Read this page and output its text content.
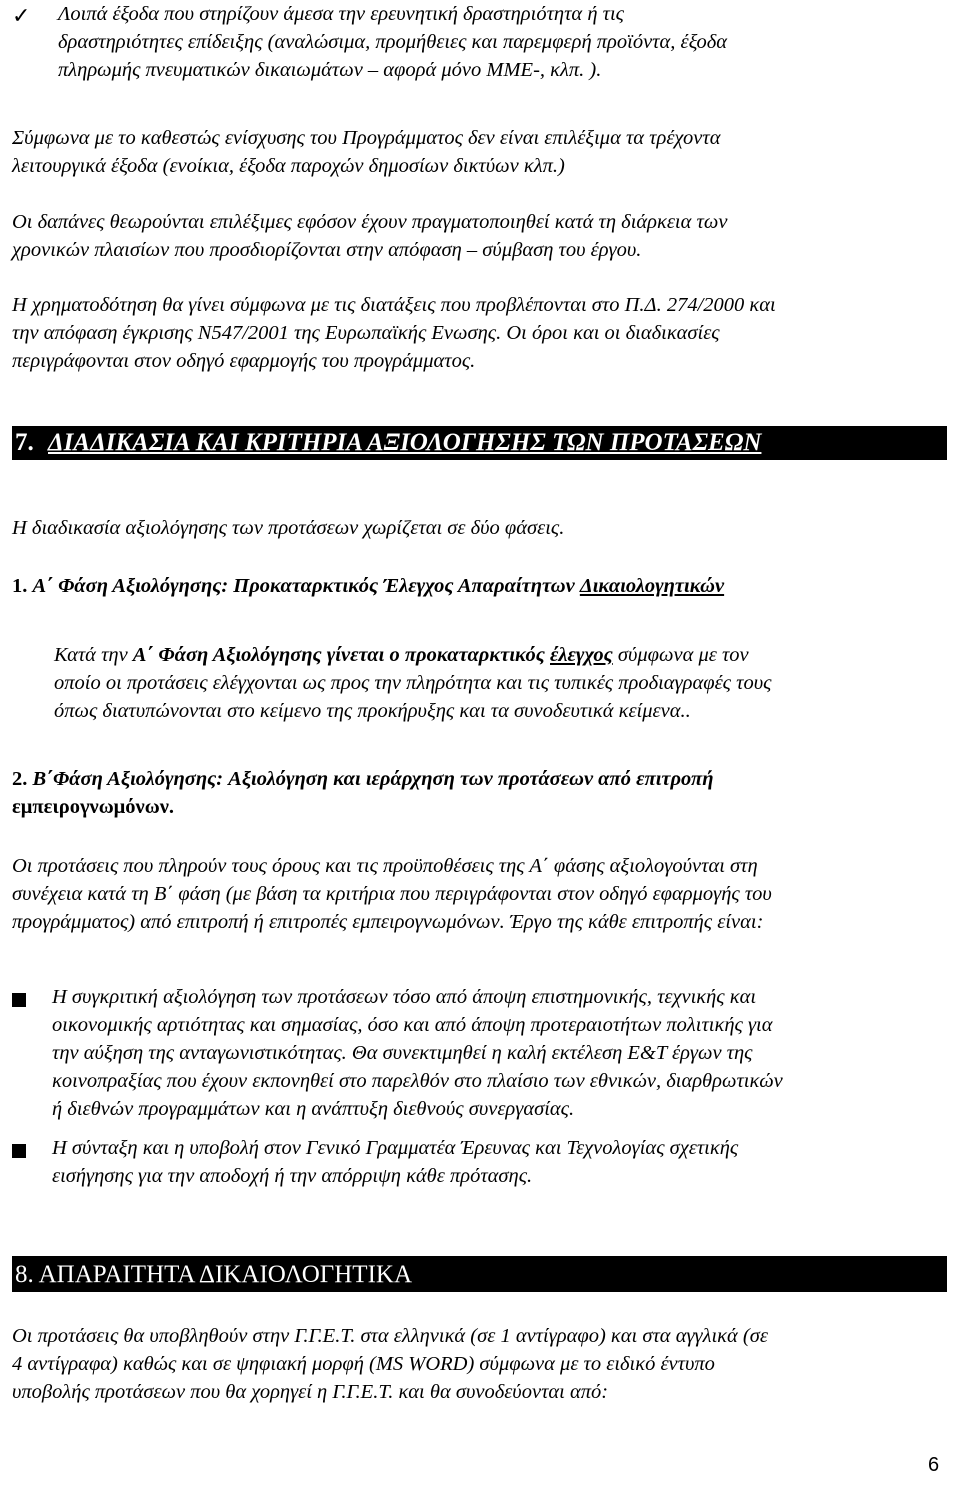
✓	Λοιπά έξοδα που στηρίζουν άμεσα την ερευνητική δραστηριότητα ή τις

δραστηριότητες επίδειξης (αναλώσιμα, προμήθειες και παρεμφερή προϊόντα, έξοδα

πληρωμής πνευματικών δικαιωμάτων – αφορά μόνο ΜΜΕ-, κλπ. ).

Σύμφωνα με το καθεστώς ενίσχυσης του Προγράμματος δεν είναι επιλέξιμα τα τρέχοντα

λειτουργικά έξοδα (ενοίκια, έξοδα παροχών δημοσίων δικτύων κλπ.)

Οι δαπάνες θεωρούνται επιλέξιμες εφόσον έχουν πραγματοποιηθεί κατά τη διάρκεια των

χρονικών πλαισίων που προσδιορίζονται στην απόφαση – σύμβαση του έργου.

Η χρηματοδότηση θα γίνει σύμφωνα με τις διατάξεις που προβλέπονται στο Π.Δ. 274/2000 και

την απόφαση έγκρισης Ν547/2001 της Ευρωπαϊκής Ενωσης. Οι όροι και οι διαδικασίες

περιγράφονται στον οδηγό εφαρμογής του προγράμματος.

7. ΔΙΑΔΙΚΑΣΙΑ ΚΑΙ ΚΡΙΤΗΡΙΑ ΑΞΙΟΛΟΓΗΣΗΣ ΤΩΝ ΠΡΟΤΑΣΕΩΝ

Η διαδικασία αξιολόγησης των προτάσεων χωρίζεται σε δύο φάσεις.

1. Α΄ Φάση Αξιολόγησης: Προκαταρκτικός Έλεγχος Απαραίτητων Δικαιολογητικών

Κατά την Α΄ Φάση Αξιολόγησης γίνεται ο προκαταρκτικός έλεγχος σύμφωνα με τον

οποίο οι προτάσεις ελέγχονται ως προς την πληρότητα και τις τυπικές προδιαγραφές τους

όπως διατυπώνονται στο κείμενο της προκήρυξης και τα συνοδευτικά κείμενα..

2. Β΄Φάση Αξιολόγησης: Αξιολόγηση και ιεράρχηση των προτάσεων από επιτροπή

εμπειρογνωμόνων.

Οι προτάσεις που πληρούν τους όρους και τις προϋποθέσεις της Α΄ φάσης αξιολογούνται στη

συνέχεια κατά τη Β΄ φάση (με βάση τα κριτήρια που περιγράφονται στον οδηγό εφαρμογής του

προγράμματος) από επιτροπή ή επιτροπές εμπειρογνωμόνων. Έργο της κάθε επιτροπής είναι:

Η συγκριτική αξιολόγηση των προτάσεων τόσο από άποψη επιστημονικής, τεχνικής και

οικονομικής αρτιότητας και σημασίας, όσο και από άποψη προτεραιοτήτων πολιτικής για

την αύξηση της ανταγωνιστικότητας. Θα συνεκτιμηθεί η καλή εκτέλεση Ε&Τ έργων της

κοινοπραξίας που έχουν εκπονηθεί στο παρελθόν στο πλαίσιο των εθνικών, διαρθρωτικών

ή διεθνών προγραμμάτων και η ανάπτυξη διεθνούς συνεργασίας.

Η σύνταξη και η υποβολή στον Γενικό Γραμματέα Έρευνας και Τεχνολογίας σχετικής

εισήγησης για την αποδοχή ή την απόρριψη κάθε πρότασης.

8. ΑΠΑΡΑΙΤΗΤΑ ΔΙΚΑΙΟΛΟΓΗΤΙΚΑ

Οι προτάσεις θα υποβληθούν στην Γ.Γ.Ε.Τ. στα ελληνικά (σε 1 αντίγραφο) και στα αγγλικά (σε

4 αντίγραφα) καθώς και σε ψηφιακή μορφή (MS WORD) σύμφωνα με το ειδικό έντυπο

υποβολής προτάσεων που θα χορηγεί η Γ.Γ.Ε.Τ. και θα συνοδεύονται από:

6
